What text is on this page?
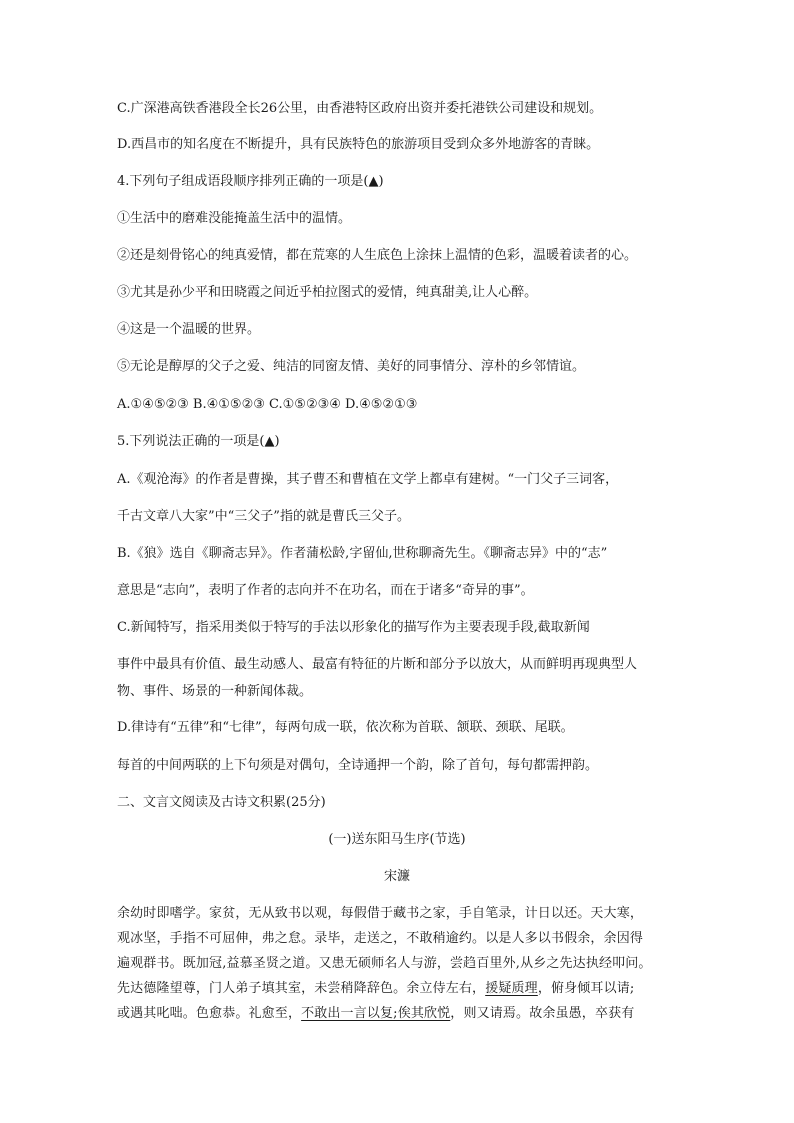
C.广深港高铁香港段全长26公里，由香港特区政府出资并委托港铁公司建设和规划。
D.西昌市的知名度在不断提升，具有民族特色的旅游项目受到众多外地游客的青睐。
4.下列句子组成语段顺序排列正确的一项是(▲)
①生活中的磨难没能掩盖生活中的温情。
②还是刻骨铭心的纯真爱情，都在荒寒的人生底色上涂抹上温情的色彩，温暖着读者的心。
③尤其是孙少平和田晓霞之间近乎柏拉图式的爱情，纯真甜美,让人心醉。
④这是一个温暖的世界。
⑤无论是醇厚的父子之爱、纯洁的同窗友情、美好的同事情分、淳朴的乡邻情谊。
A.①④⑤②③ B.④①⑤②③ C.①⑤②③④ D.④⑤②①③
5.下列说法正确的一项是(▲)
A.《观沧海》的作者是曹操，其子曹丕和曹植在文学上都卓有建树。“一门父子三词客，
千古文章八大家”中“三父子”指的就是曹氏三父子。
B.《狼》选自《聊斋志异》。作者蒲松龄,字留仙,世称聊斋先生。《聊斋志异》中的“志”
意思是“志向”，表明了作者的志向并不在功名，而在于诸多“奇异的事”。
C.新闻特写，指采用类似于特写的手法以形象化的描写作为主要表现手段,截取新闻
事件中最具有价值、最生动感人、最富有特征的片断和部分予以放大，从而鲜明再现典型人
物、事件、场景的一种新闻体裁。
D.律诗有“五律”和“七律”，每两句成一联，依次称为首联、颔联、颈联、尾联。
每首的中间两联的上下句须是对偶句，全诗通押一个韵，除了首句，每句都需押韵。
二、文言文阅读及古诗文积累(25分)
(一)送东阳马生序(节选)
宋濂
余幼时即嗜学。家贫，无从致书以观，每假借于藏书之家，手自笔录，计日以还。天大寒，
观冰坚，手指不可屈伸，弗之怠。录毕，走送之，不敢稍逾约。以是人多以书假余，余因得
遍观群书。既加冠,益慕圣贤之道。又患无硕师名人与游，尝趋百里外,从乡之先达执经叩问。
先达德隆望尊，门人弟子填其室，未尝稍降辞色。余立侍左右，援疑质理，俯身倾耳以请;
或遇其叱咄。色愈恭。礼愈至，不敢出一言以复;俟其欣悦，则又请焉。故余虽愚，卒获有
